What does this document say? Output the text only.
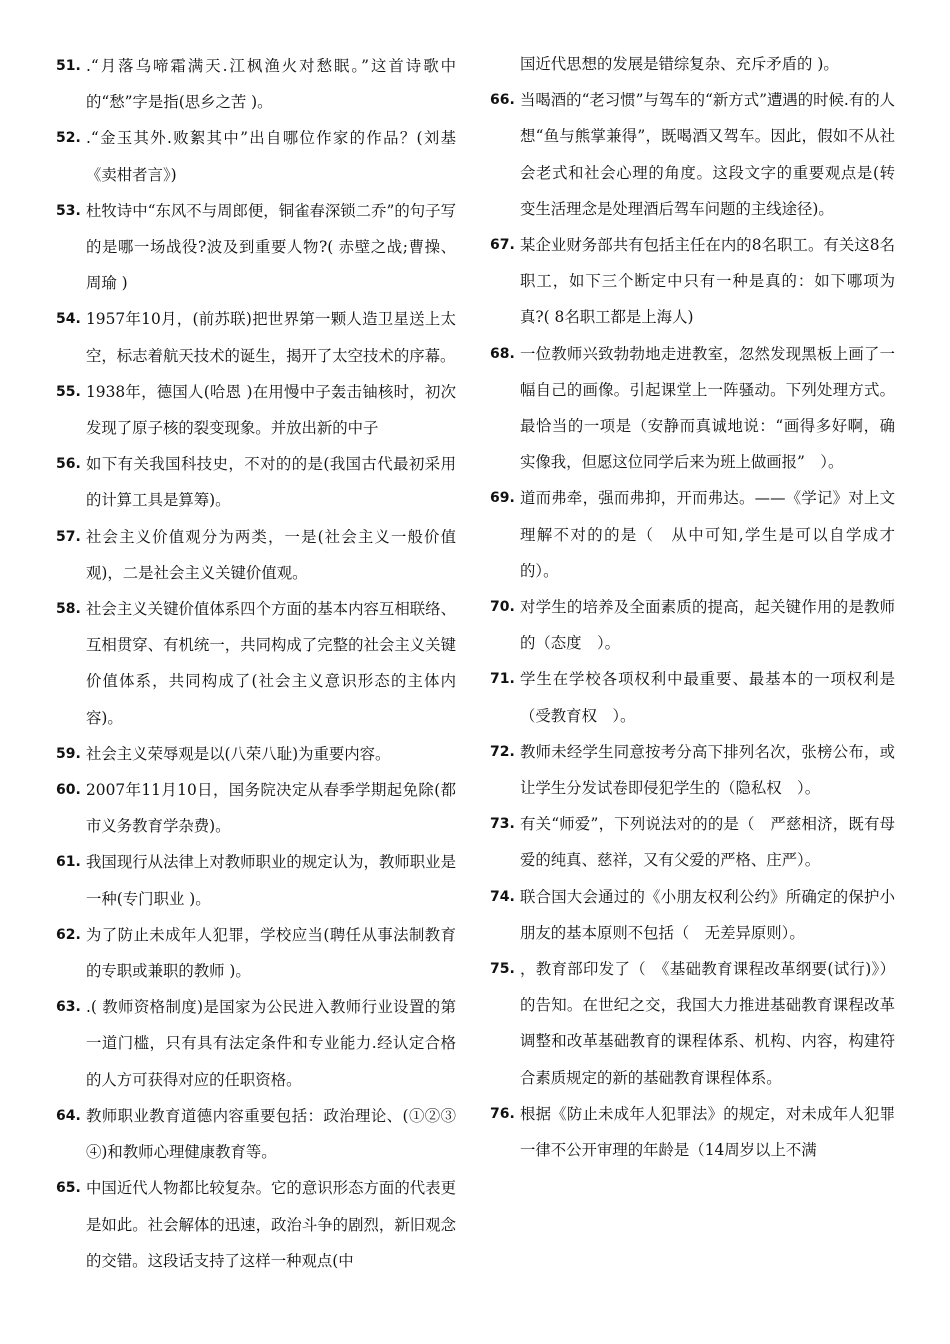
51. .“月落乌啼霜满天.江枫渔火对愁眠。”这首诗歌中的“愁”字是指(思乡之苦 )。
52. .“金玉其外.败絮其中”出自哪位作家的作品？(刘基《卖柑者言》)
53. 杜牧诗中“东风不与周郎便，铜雀春深锁二乔”的句子写的是哪一场战役?波及到重要人物?( 赤壁之战;曹操、周瑜 )
54. 1957年10月，(前苏联)把世界第一颗人造卫星送上太空，标志着航天技术的诞生，揭开了太空技术的序幕。
55. 1938年，德国人(哈恩 )在用慢中子轰击铀核时，初次发现了原子核的裂变现象。并放出新的中子
56. 如下有关我国科技史，不对的的是(我国古代最初采用的计算工具是算筹)。
57. 社会主义价值观分为两类，一是(社会主义一般价值观)，二是社会主义关键价值观。
58. 社会主义关键价值体系四个方面的基本内容互相联络、互相贯穿、有机统一，共同构成了完整的社会主义关键价值体系，共同构成了(社会主义意识形态的主体内容)。
59. 社会主义荣辱观是以(八荣八耻)为重要内容。
60. 2007年11月10日，国务院决定从春季学期起免除(都市义务教育学杂费)。
61. 我国现行从法律上对教师职业的规定认为，教师职业是一种(专门职业 )。
62. 为了防止未成年人犯罪，学校应当(聘任从事法制教育的专职或兼职的教师 )。
63. .( 教师资格制度)是国家为公民进入教师行业设置的第一道门槛，只有具有法定条件和专业能力.经认定合格的人方可获得对应的任职资格。
64. 教师职业教育道德内容重要包括：政治理论、(①②③④)和教师心理健康教育等。
65. 中国近代人物都比较复杂。它的意识形态方面的代表更是如此。社会解体的迅速，政治斗争的剧烈，新旧观念的交错。这段话支持了这样一种观点(中
国近代思想的发展是错综复杂、充斥矛盾的 )。
66. 当喝酒的“老习惯”与驾车的“新方式”遭遇的时候.有的人想“鱼与熊掌兼得”，既喝酒又驾车。因此，假如不从社会老式和社会心理的角度。这段文字的重要观点是(转变生活理念是处理酒后驾车问题的主线途径)。
67. 某企业财务部共有包括主任在内的8名职工。有关这8名职工，如下三个断定中只有一种是真的：如下哪项为真?( 8名职工都是上海人)
68. 一位教师兴致勃勃地走进教室，忽然发现黑板上画了一幅自己的画像。引起课堂上一阵骚动。下列处理方式。最恰当的一项是（安静而真诚地说：“画得多好啊，确实像我，但愿这位同学后来为班上做画报”　）。
69. 道而弗牵，强而弗抑，开而弗达。——《学记》对上文理解不对的的是（　从中可知,学生是可以自学成才的）。
70. 对学生的培养及全面素质的提高，起关键作用的是教师的（态度　）。
71. 学生在学校各项权利中最重要、最基本的一项权利是（受教育权　）。
72. 教师未经学生同意按考分高下排列名次，张榜公布，或让学生分发试卷即侵犯学生的（隐私权　）。
73. 有关“师爱”，下列说法对的的是（　严慈相济，既有母爱的纯真、慈祥，又有父爱的严格、庄严）。
74. 联合国大会通过的《小朋友权利公约》所确定的保护小朋友的基本原则不包括（　无差异原则）。
75. ，教育部印发了（　《基础教育课程改革纲要(试行)》）的告知。在世纪之交，我国大力推进基础教育课程改革调整和改革基础教育的课程体系、机构、内容，构建符合素质规定的新的基础教育课程体系。
76. 根据《防止未成年人犯罪法》的规定，对未成年人犯罪一律不公开审理的年龄是（14周岁以上不满
